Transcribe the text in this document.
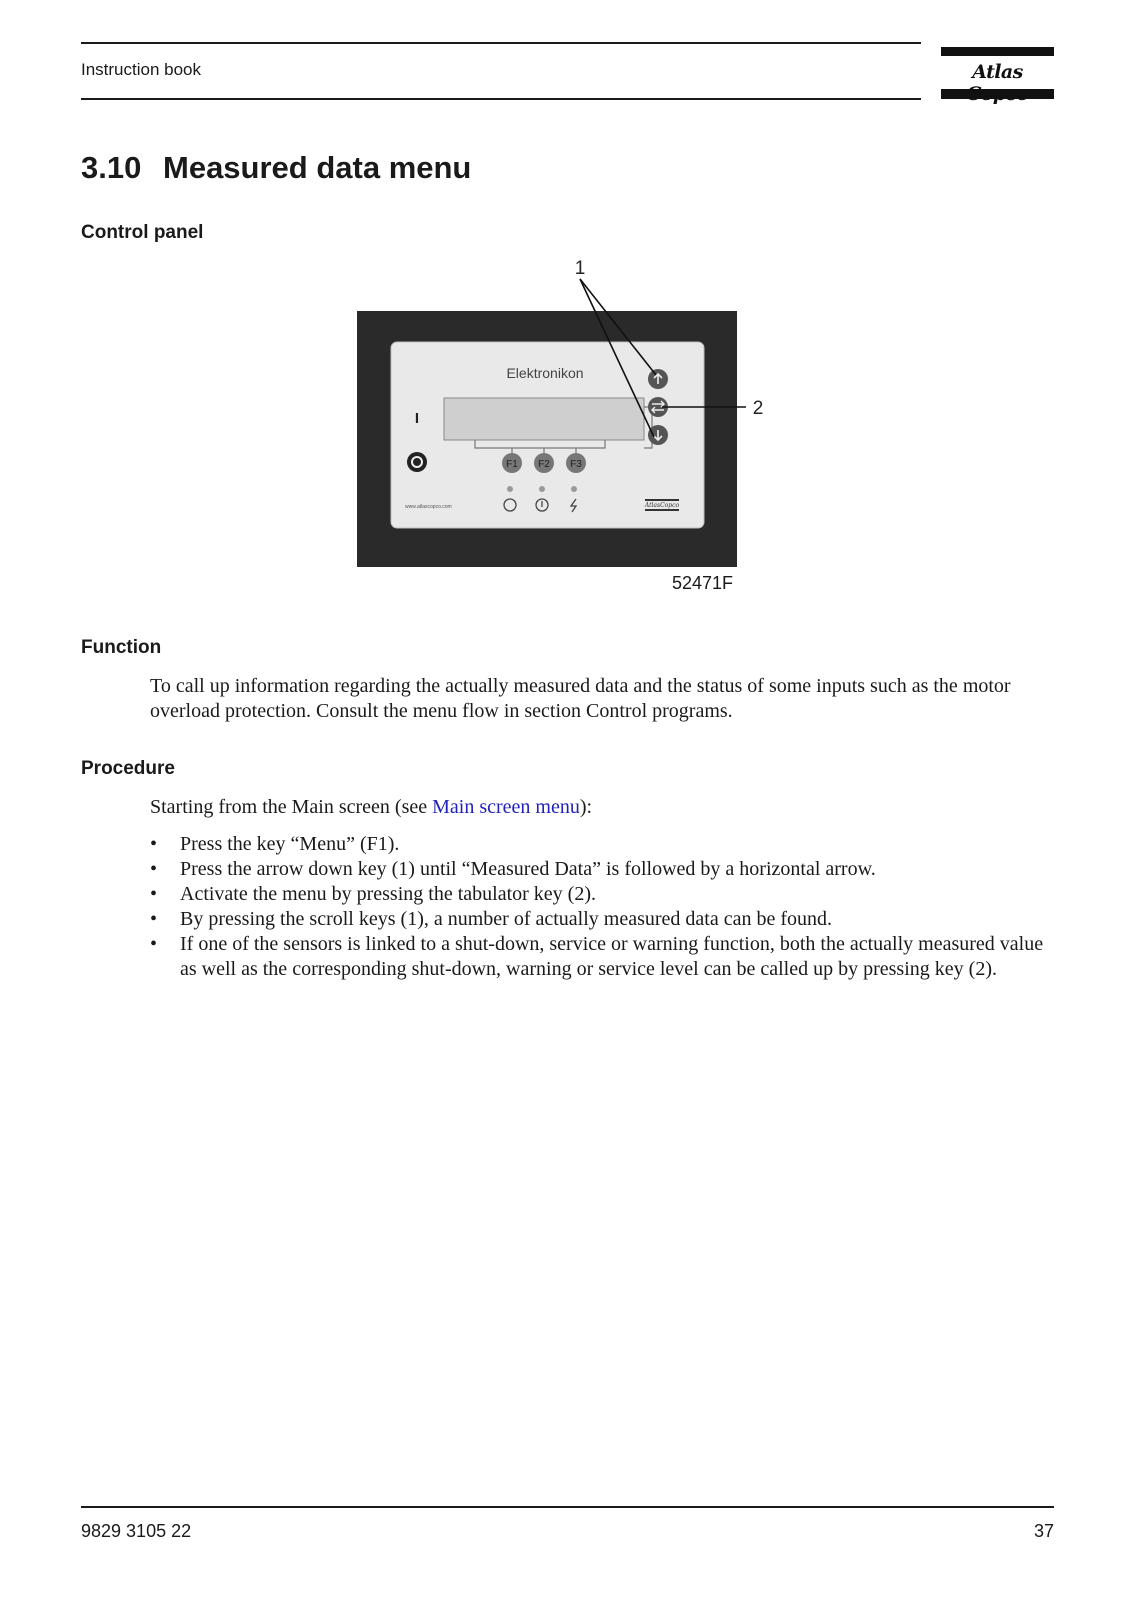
Instruction book	Atlas
3.10 Measured data menu
Control panel
Elektronikon
I
F1 F2 F3
www.atlascopco.com	AtlasCopco
1
2
52471F
Function
To call up information regarding the actually measured data and the status of some inputs such as the motor overload protection. Consult the menu flow in section Control programs.
Procedure
Starting from the Main screen (see Main screen menu):
• Press the key “Menu” (F1).
• Press the arrow down key (1) until “Measured Data” is followed by a horizontal arrow.
• Activate the menu by pressing the tabulator key (2).
• By pressing the scroll keys (1), a number of actually measured data can be found.
• If one of the sensors is linked to a shut-down, service or warning function, both the actually measured value as well as the corresponding shut-down, warning or service level can be called up by pressing key (2).
9829 3105 22	37
